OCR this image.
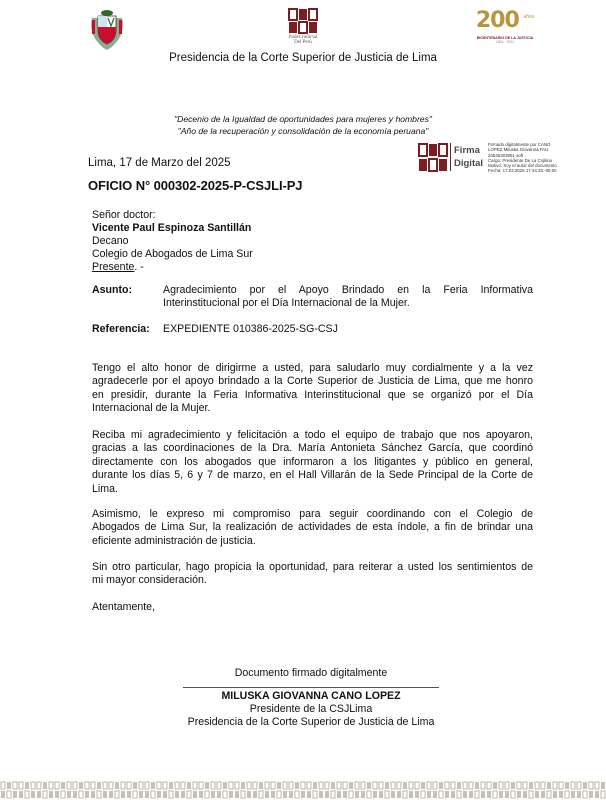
Poder Judicial
Del Perú
200 $^{años}$
BICENTENARIO DE LA JUSTICIA
1824 · 2024
Presidencia de la Corte Superior de Justicia de Lima
"Decenio de la Igualdad de oportunidades para mujeres y hombres"
"Año de la recuperación y consolidación de la economía peruana"
Lima, 17 de Marzo del 2025
OFICIO N° 000302-2025-P-CSJLI-PJ
Firma
Digital
Firmado digitalmente por CANO
LOPEZ Miluska Giovanna FAU
20546303951 soft
Cargo: Presidente De La Csjlima
Motivo: Soy el autor del documento
Fecha: 17.03.2025 17:44:25 -05:00
Señor doctor:
Vicente Paul Espinoza Santillán
Decano
Colegio de Abogados de Lima Sur
Presente. -
Asunto:	Agradecimiento por el Apoyo Brindado en la Feria Informativa
Interinstitucional por el Día Internacional de la Mujer.
Referencia: EXPEDIENTE 010386-2025-SG-CSJ
Tengo el alto honor de dirigirme a usted, para saludarlo muy cordialmente y a la vez
agradecerle por el apoyo brindado a la Corte Superior de Justicia de Lima, que me honro
en presidir, durante la Feria Informativa Interinstitucional que se organizó por el Día
Internacional de la Mujer.
Reciba mi agradecimiento y felicitación a todo el equipo de trabajo que nos apoyaron,
gracias a las coordinaciones de la Dra. María Antonieta Sánchez García, que coordinó
directamente con los abogados que informaron a los litigantes y público en general,
durante los días 5, 6 y 7 de marzo, en el Hall Villarán de la Sede Principal de la Corte de
Lima.
Asimismo, le expreso mi compromiso para seguir coordinando con el Colegio de
Abogados de Lima Sur, la realización de actividades de esta índole, a fin de brindar una
eficiente administración de justicia.
Sin otro particular, hago propicia la oportunidad, para reiterar a usted los sentimientos de
mi mayor consideración.
Atentamente,
Documento firmado digitalmente
MILUSKA GIOVANNA CANO LOPEZ
Presidente de la CSJLima
Presidencia de la Corte Superior de Justicia de Lima
